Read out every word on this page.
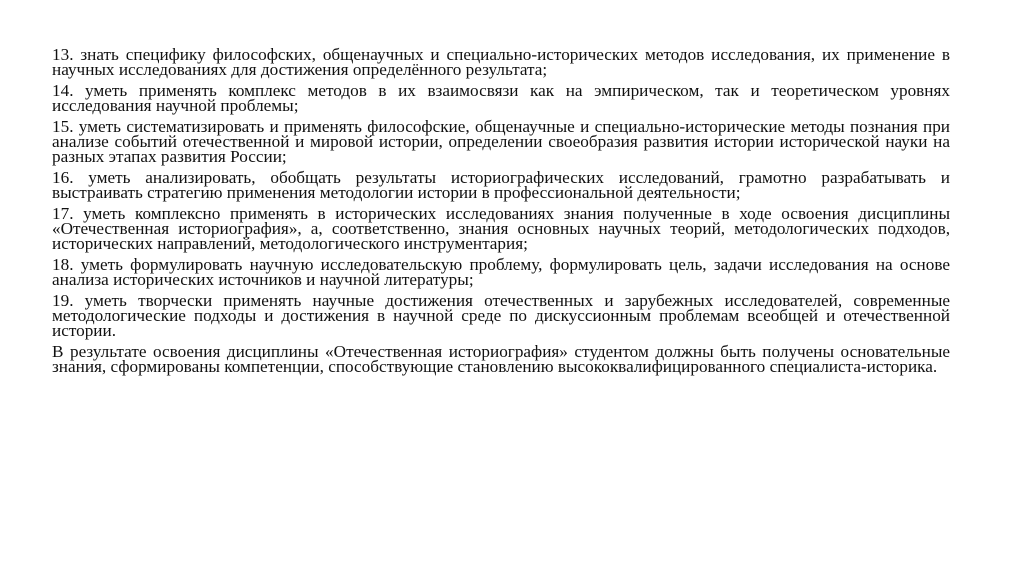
13. знать специфику философских, общенаучных и специально-исторических методов исследования, их применение в научных исследованиях для достижения определённого результата;

14. уметь применять комплекс методов в их взаимосвязи как на эмпирическом, так и теоретическом уровнях исследования научной проблемы;

15. уметь систематизировать и применять философские, общенаучные и специально-исторические методы познания при анализе событий отечественной и мировой истории, определении своеобразия развития истории исторической науки на разных этапах развития России;

16. уметь анализировать, обобщать результаты историографических исследований, грамотно разрабатывать и выстраивать стратегию применения методологии истории в профессиональной деятельности;

17. уметь комплексно применять в исторических исследованиях знания полученные в ходе освоения дисциплины «Отечественная историография», а, соответственно, знания основных научных теорий, методологических подходов, исторических направлений, методологического инструментария;

18. уметь формулировать научную исследовательскую проблему, формулировать цель, задачи исследования на основе анализа исторических источников и научной литературы;

19. уметь творчески применять научные достижения отечественных и зарубежных исследователей, современные методологические подходы и достижения в научной среде по дискуссионным проблемам всеобщей и отечественной истории.

В результате освоения дисциплины «Отечественная историография» студентом должны быть получены основательные знания, сформированы компетенции, способствующие становлению высококвалифицированного специалиста-историка.
